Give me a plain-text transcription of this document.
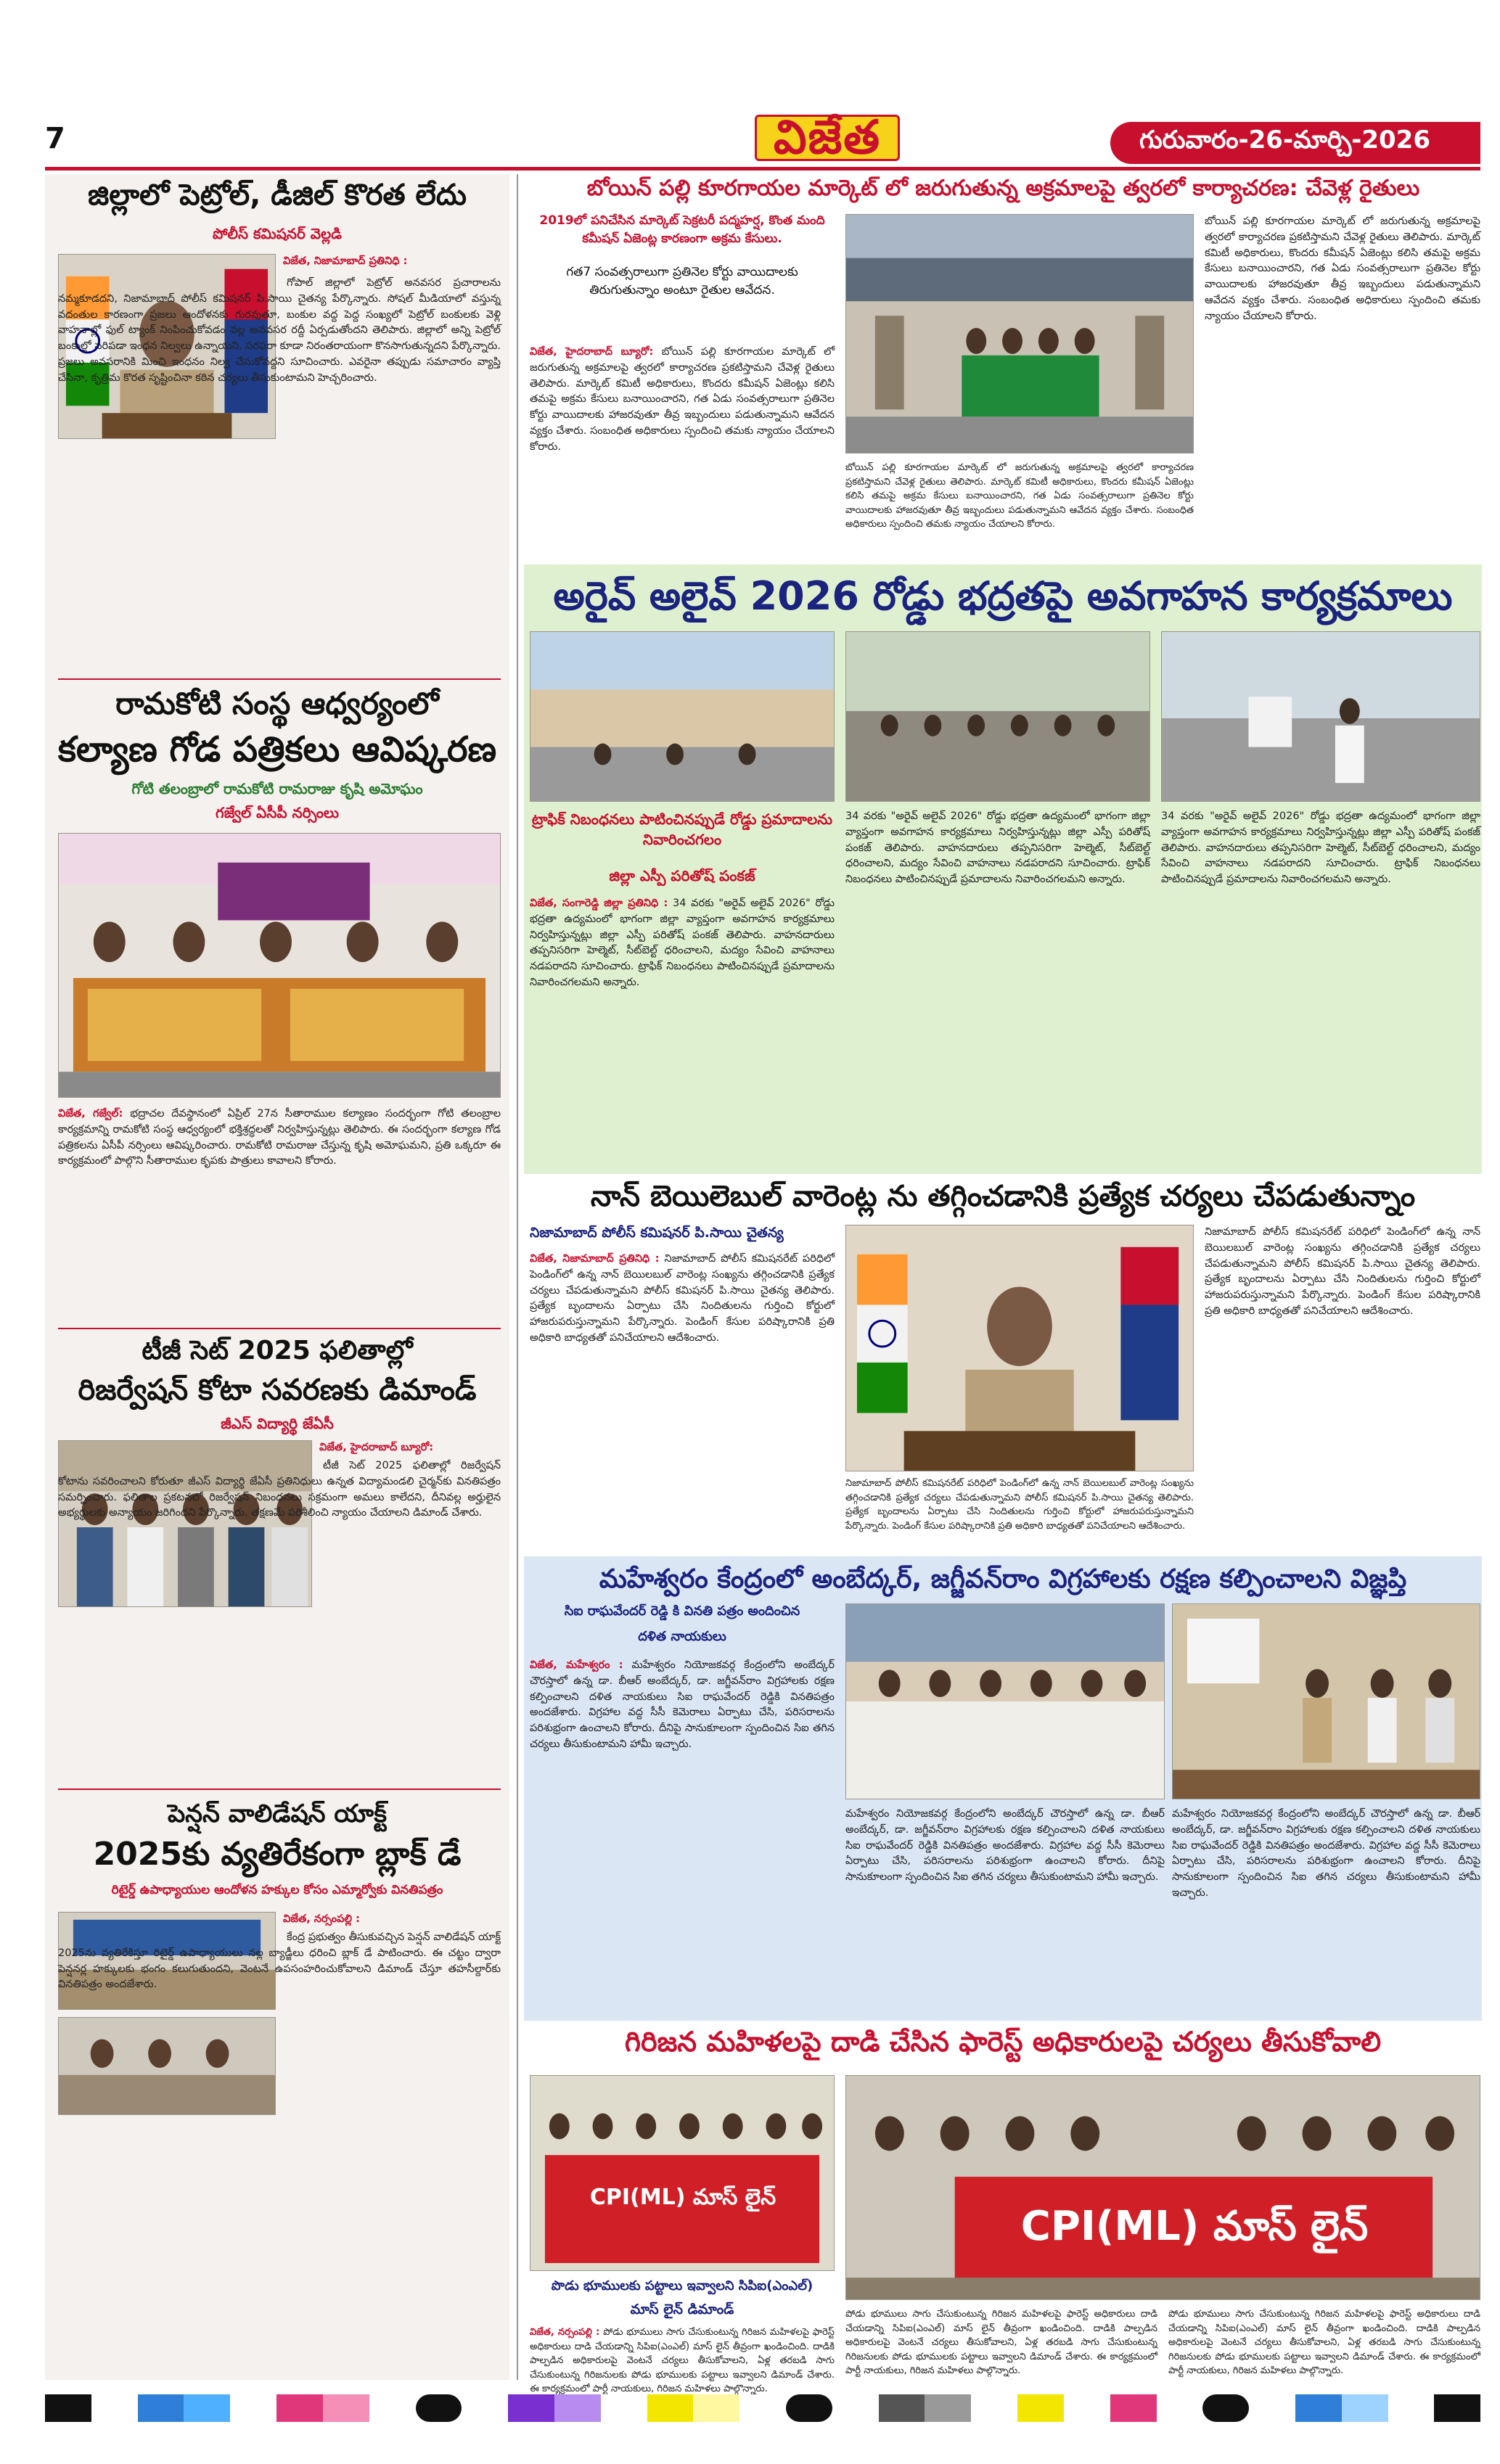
7	విజేత	గురువారం-26-మార్చి-2026
జిల్లాలో పెట్రోల్, డీజిల్ కొరత లేదు
పోలీస్ కమిషనర్ వెల్లడి
విజేత, నిజామాబాద్ ప్రతినిధి :
గోపాల్ జిల్లాలో పెట్రోల్ అనవసర ప్రచారాలను నమ్మకూడదని, నిజామాబాద్ పోలీస్ కమిషనర్ పి.సాయి చైతన్య పేర్కొన్నారు. సోషల్ మీడియాలో వస్తున్న వదంతుల కారణంగా ప్రజలు ఆందోళనకు గురవుతూ, బంకుల వద్ద పెద్ద సంఖ్యలో పెట్రోల్ బంకులకు వెళ్లి వాహనాల్లో ఫుల్ ట్యాంక్ నింపించుకోవడం వల్ల అనవసర రద్దీ ఏర్పడుతోందని తెలిపారు. జిల్లాలో అన్ని పెట్రోల్ బంకుల్లో సరిపడా ఇంధన నిల్వలు ఉన్నాయని, సరఫరా కూడా నిరంతరాయంగా కొనసాగుతున్నదని పేర్కొన్నారు. ప్రజలు అవసరానికి మించి ఇంధనం నిల్వ చేసుకోవద్దని సూచించారు. ఎవరైనా తప్పుడు సమాచారం వ్యాప్తి చేసినా, కృత్రిమ కొరత సృష్టించినా కఠిన చర్యలు తీసుకుంటామని హెచ్చరించారు.
రామకోటి సంస్థ ఆధ్వర్యంలో
కల్యాణ గోడ పత్రికలు ఆవిష్కరణ
గోటి తలంబ్రాలో రామకోటి రామరాజు కృషి అమోఘం
గజ్వేల్ ఏసీపీ నర్సింలు
విజేత, గజ్వేల్: భద్రాచల దేవస్థానంలో ఏప్రిల్ 27న సీతారాముల కల్యాణం సందర్భంగా గోటి తలంబ్రాల కార్యక్రమాన్ని రామకోటి సంస్థ ఆధ్వర్యంలో భక్తిశ్రద్ధలతో నిర్వహిస్తున్నట్లు తెలిపారు. ఈ సందర్భంగా కల్యాణ గోడ పత్రికలను ఏసీపీ నర్సింలు ఆవిష్కరించారు. రామకోటి రామరాజు చేస్తున్న కృషి అమోఘమని, ప్రతి ఒక్కరూ ఈ కార్యక్రమంలో పాల్గొని సీతారాముల కృపకు పాత్రులు కావాలని కోరారు.
టీజీ సెట్ 2025 ఫలితాల్లో
రిజర్వేషన్ కోటా సవరణకు డిమాండ్
జీఎస్ విద్యార్థి జేఏసీ
విజేత, హైదరాబాద్ బ్యూరో:
టీజీ సెట్ 2025 ఫలితాల్లో రిజర్వేషన్ కోటాను సవరించాలని కోరుతూ జీఎస్ విద్యార్థి జేఏసీ ప్రతినిధులు ఉన్నత విద్యామండలి చైర్మన్‌కు వినతిపత్రం సమర్పించారు. ఫలితాల ప్రకటనలో రిజర్వేషన్ నిబంధనలు సక్రమంగా అమలు కాలేదని, దీనివల్ల అర్హులైన అభ్యర్థులకు అన్యాయం జరిగిందని పేర్కొన్నారు. తక్షణమే పరిశీలించి న్యాయం చేయాలని డిమాండ్ చేశారు.
పెన్షన్ వాలిడేషన్ యాక్ట్
2025కు వ్యతిరేకంగా బ్లాక్ డే
రిటైర్డ్ ఉపాధ్యాయుల ఆందోళన హక్కుల కోసం ఎమ్మార్వోకు వినతిపత్రం
విజేత, నర్సంపల్లి :
కేంద్ర ప్రభుత్వం తీసుకువచ్చిన పెన్షన్ వాలిడేషన్ యాక్ట్ 2025ను వ్యతిరేకిస్తూ రిటైర్డ్ ఉపాధ్యాయులు నల్ల బ్యాడ్జీలు ధరించి బ్లాక్ డే పాటించారు. ఈ చట్టం ద్వారా పెన్షనర్ల హక్కులకు భంగం కలుగుతుందని, వెంటనే ఉపసంహరించుకోవాలని డిమాండ్ చేస్తూ తహసీల్దార్‌కు వినతిపత్రం అందజేశారు.
బోయిన్ పల్లి కూరగాయల మార్కెట్ లో జరుగుతున్న అక్రమాలపై త్వరలో కార్యాచరణ: చేవెళ్ల రైతులు
2019లో పనిచేసిన మార్కెట్ సెక్రటరీ పద్మహర్ష, కొంత మంది కమీషన్ ఏజెంట్ల కారణంగా అక్రమ కేసులు.
గత7 సంవత్సరాలుగా ప్రతినెల కోర్టు వాయిదాలకు తిరుగుతున్నాం అంటూ రైతుల ఆవేదన.
విజేత, హైదరాబాద్ బ్యూరో: బోయిన్ పల్లి కూరగాయల మార్కెట్ లో జరుగుతున్న అక్రమాలపై త్వరలో కార్యాచరణ ప్రకటిస్తామని చేవెళ్ల రైతులు తెలిపారు. మార్కెట్ కమిటీ అధికారులు, కొందరు కమీషన్ ఏజెంట్లు కలిసి తమపై అక్రమ కేసులు బనాయించారని, గత ఏడు సంవత్సరాలుగా ప్రతినెల కోర్టు వాయిదాలకు హాజరవుతూ తీవ్ర ఇబ్బందులు పడుతున్నామని ఆవేదన వ్యక్తం చేశారు. సంబంధిత అధికారులు స్పందించి తమకు న్యాయం చేయాలని కోరారు.
బోయిన్ పల్లి కూరగాయల మార్కెట్ లో జరుగుతున్న అక్రమాలపై త్వరలో కార్యాచరణ ప్రకటిస్తామని చేవెళ్ల రైతులు తెలిపారు. మార్కెట్ కమిటీ అధికారులు, కొందరు కమీషన్ ఏజెంట్లు కలిసి తమపై అక్రమ కేసులు బనాయించారని, గత ఏడు సంవత్సరాలుగా ప్రతినెల కోర్టు వాయిదాలకు హాజరవుతూ తీవ్ర ఇబ్బందులు పడుతున్నామని ఆవేదన వ్యక్తం చేశారు. సంబంధిత అధికారులు స్పందించి తమకు న్యాయం చేయాలని కోరారు.
బోయిన్ పల్లి కూరగాయల మార్కెట్ లో జరుగుతున్న అక్రమాలపై త్వరలో కార్యాచరణ ప్రకటిస్తామని చేవెళ్ల రైతులు తెలిపారు. మార్కెట్ కమిటీ అధికారులు, కొందరు కమీషన్ ఏజెంట్లు కలిసి తమపై అక్రమ కేసులు బనాయించారని, గత ఏడు సంవత్సరాలుగా ప్రతినెల కోర్టు వాయిదాలకు హాజరవుతూ తీవ్ర ఇబ్బందులు పడుతున్నామని ఆవేదన వ్యక్తం చేశారు. సంబంధిత అధికారులు స్పందించి తమకు న్యాయం చేయాలని కోరారు.
అరైవ్ అలైవ్ 2026 రోడ్డు భద్రతపై అవగాహన కార్యక్రమాలు
ట్రాఫిక్ నిబంధనలు పాటించినప్పుడే రోడ్డు ప్రమాదాలను నివారించగలం
జిల్లా ఎస్పీ పరితోష్ పంకజ్
విజేత, సంగారెడ్డి జిల్లా ప్రతినిధి : 34 వరకు "అరైవ్ అలైవ్ 2026" రోడ్డు భద్రతా ఉద్యమంలో భాగంగా జిల్లా వ్యాప్తంగా అవగాహన కార్యక్రమాలు నిర్వహిస్తున్నట్లు జిల్లా ఎస్పీ పరితోష్ పంకజ్ తెలిపారు. వాహనదారులు తప్పనిసరిగా హెల్మెట్, సీట్‌బెల్ట్ ధరించాలని, మద్యం సేవించి వాహనాలు నడపరాదని సూచించారు. ట్రాఫిక్ నిబంధనలు పాటించినప్పుడే ప్రమాదాలను నివారించగలమని అన్నారు.
34 వరకు "అరైవ్ అలైవ్ 2026" రోడ్డు భద్రతా ఉద్యమంలో భాగంగా జిల్లా వ్యాప్తంగా అవగాహన కార్యక్రమాలు నిర్వహిస్తున్నట్లు జిల్లా ఎస్పీ పరితోష్ పంకజ్ తెలిపారు. వాహనదారులు తప్పనిసరిగా హెల్మెట్, సీట్‌బెల్ట్ ధరించాలని, మద్యం సేవించి వాహనాలు నడపరాదని సూచించారు. ట్రాఫిక్ నిబంధనలు పాటించినప్పుడే ప్రమాదాలను నివారించగలమని అన్నారు.
34 వరకు "అరైవ్ అలైవ్ 2026" రోడ్డు భద్రతా ఉద్యమంలో భాగంగా జిల్లా వ్యాప్తంగా అవగాహన కార్యక్రమాలు నిర్వహిస్తున్నట్లు జిల్లా ఎస్పీ పరితోష్ పంకజ్ తెలిపారు. వాహనదారులు తప్పనిసరిగా హెల్మెట్, సీట్‌బెల్ట్ ధరించాలని, మద్యం సేవించి వాహనాలు నడపరాదని సూచించారు. ట్రాఫిక్ నిబంధనలు పాటించినప్పుడే ప్రమాదాలను నివారించగలమని అన్నారు.
నాన్ బెయిలెబుల్ వారెంట్ల ను తగ్గించడానికి ప్రత్యేక చర్యలు చేపడుతున్నాం
నిజామాబాద్ పోలీస్ కమిషనర్ పి.సాయి చైతన్య
విజేత, నిజామాబాద్ ప్రతినిధి : నిజామాబాద్ పోలీస్ కమిషనరేట్ పరిధిలో పెండింగ్‌లో ఉన్న నాన్ బెయిలబుల్ వారెంట్ల సంఖ్యను తగ్గించడానికి ప్రత్యేక చర్యలు చేపడుతున్నామని పోలీస్ కమిషనర్ పి.సాయి చైతన్య తెలిపారు. ప్రత్యేక బృందాలను ఏర్పాటు చేసి నిందితులను గుర్తించి కోర్టులో హాజరుపరుస్తున్నామని పేర్కొన్నారు. పెండింగ్ కేసుల పరిష్కారానికి ప్రతి అధికారి బాధ్యతతో పనిచేయాలని ఆదేశించారు.
నిజామాబాద్ పోలీస్ కమిషనరేట్ పరిధిలో పెండింగ్‌లో ఉన్న నాన్ బెయిలబుల్ వారెంట్ల సంఖ్యను తగ్గించడానికి ప్రత్యేక చర్యలు చేపడుతున్నామని పోలీస్ కమిషనర్ పి.సాయి చైతన్య తెలిపారు. ప్రత్యేక బృందాలను ఏర్పాటు చేసి నిందితులను గుర్తించి కోర్టులో హాజరుపరుస్తున్నామని పేర్కొన్నారు. పెండింగ్ కేసుల పరిష్కారానికి ప్రతి అధికారి బాధ్యతతో పనిచేయాలని ఆదేశించారు.
నిజామాబాద్ పోలీస్ కమిషనరేట్ పరిధిలో పెండింగ్‌లో ఉన్న నాన్ బెయిలబుల్ వారెంట్ల సంఖ్యను తగ్గించడానికి ప్రత్యేక చర్యలు చేపడుతున్నామని పోలీస్ కమిషనర్ పి.సాయి చైతన్య తెలిపారు. ప్రత్యేక బృందాలను ఏర్పాటు చేసి నిందితులను గుర్తించి కోర్టులో హాజరుపరుస్తున్నామని పేర్కొన్నారు. పెండింగ్ కేసుల పరిష్కారానికి ప్రతి అధికారి బాధ్యతతో పనిచేయాలని ఆదేశించారు.
మహేశ్వరం కేంద్రంలో అంబేద్కర్, జగ్జీవన్‌రాం విగ్రహాలకు రక్షణ కల్పించాలని విజ్ఞప్తి
సిఐ రాఘవేందర్ రెడ్డి కి వినతి పత్రం అందించిన
దళిత నాయకులు
విజేత, మహేశ్వరం : మహేశ్వరం నియోజకవర్గ కేంద్రంలోని అంబేద్కర్ చౌరస్తాలో ఉన్న డా. బీఆర్ అంబేద్కర్, డా. జగ్జీవన్‌రాం విగ్రహాలకు రక్షణ కల్పించాలని దళిత నాయకులు సిఐ రాఘవేందర్ రెడ్డికి వినతిపత్రం అందజేశారు. విగ్రహాల వద్ద సీసీ కెమెరాలు ఏర్పాటు చేసి, పరిసరాలను పరిశుభ్రంగా ఉంచాలని కోరారు. దీనిపై సానుకూలంగా స్పందించిన సిఐ తగిన చర్యలు తీసుకుంటామని హామీ ఇచ్చారు.
మహేశ్వరం నియోజకవర్గ కేంద్రంలోని అంబేద్కర్ చౌరస్తాలో ఉన్న డా. బీఆర్ అంబేద్కర్, డా. జగ్జీవన్‌రాం విగ్రహాలకు రక్షణ కల్పించాలని దళిత నాయకులు సిఐ రాఘవేందర్ రెడ్డికి వినతిపత్రం అందజేశారు. విగ్రహాల వద్ద సీసీ కెమెరాలు ఏర్పాటు చేసి, పరిసరాలను పరిశుభ్రంగా ఉంచాలని కోరారు. దీనిపై సానుకూలంగా స్పందించిన సిఐ తగిన చర్యలు తీసుకుంటామని హామీ ఇచ్చారు.
మహేశ్వరం నియోజకవర్గ కేంద్రంలోని అంబేద్కర్ చౌరస్తాలో ఉన్న డా. బీఆర్ అంబేద్కర్, డా. జగ్జీవన్‌రాం విగ్రహాలకు రక్షణ కల్పించాలని దళిత నాయకులు సిఐ రాఘవేందర్ రెడ్డికి వినతిపత్రం అందజేశారు. విగ్రహాల వద్ద సీసీ కెమెరాలు ఏర్పాటు చేసి, పరిసరాలను పరిశుభ్రంగా ఉంచాలని కోరారు. దీనిపై సానుకూలంగా స్పందించిన సిఐ తగిన చర్యలు తీసుకుంటామని హామీ ఇచ్చారు.
గిరిజన మహిళలపై దాడి చేసిన ఫారెస్ట్ అధికారులపై చర్యలు తీసుకోవాలి
CPI(ML) మాస్ లైన్
పొడు భూములకు పట్టాలు ఇవ్వాలని సిపిఐ(ఎంఎల్)
మాస్ లైన్ డిమాండ్
విజేత, నర్సంపల్లి : పోడు భూములు సాగు చేసుకుంటున్న గిరిజన మహిళలపై ఫారెస్ట్ అధికారులు దాడి చేయడాన్ని సిపిఐ(ఎంఎల్) మాస్ లైన్ తీవ్రంగా ఖండించింది. దాడికి పాల్పడిన అధికారులపై వెంటనే చర్యలు తీసుకోవాలని, ఏళ్ల తరబడి సాగు చేసుకుంటున్న గిరిజనులకు పోడు భూములకు పట్టాలు ఇవ్వాలని డిమాండ్ చేశారు. ఈ కార్యక్రమంలో పార్టీ నాయకులు, గిరిజన మహిళలు పాల్గొన్నారు.
CPI(ML) మాస్ లైన్
పోడు భూములు సాగు చేసుకుంటున్న గిరిజన మహిళలపై ఫారెస్ట్ అధికారులు దాడి చేయడాన్ని సిపిఐ(ఎంఎల్) మాస్ లైన్ తీవ్రంగా ఖండించింది. దాడికి పాల్పడిన అధికారులపై వెంటనే చర్యలు తీసుకోవాలని, ఏళ్ల తరబడి సాగు చేసుకుంటున్న గిరిజనులకు పోడు భూములకు పట్టాలు ఇవ్వాలని డిమాండ్ చేశారు. ఈ కార్యక్రమంలో పార్టీ నాయకులు, గిరిజన మహిళలు పాల్గొన్నారు.
పోడు భూములు సాగు చేసుకుంటున్న గిరిజన మహిళలపై ఫారెస్ట్ అధికారులు దాడి చేయడాన్ని సిపిఐ(ఎంఎల్) మాస్ లైన్ తీవ్రంగా ఖండించింది. దాడికి పాల్పడిన అధికారులపై వెంటనే చర్యలు తీసుకోవాలని, ఏళ్ల తరబడి సాగు చేసుకుంటున్న గిరిజనులకు పోడు భూములకు పట్టాలు ఇవ్వాలని డిమాండ్ చేశారు. ఈ కార్యక్రమంలో పార్టీ నాయకులు, గిరిజన మహిళలు పాల్గొన్నారు.
